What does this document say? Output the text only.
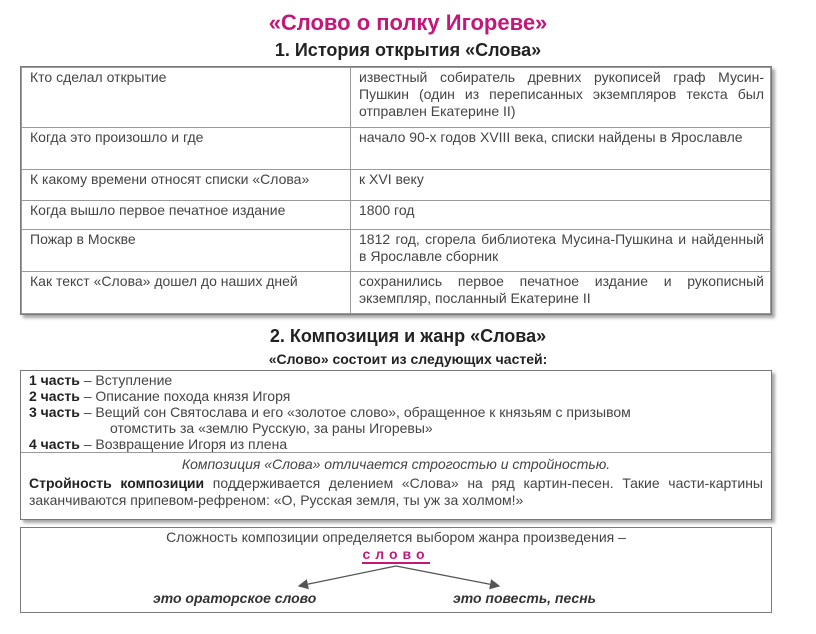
«Слово о полку Игореве»
1. История открытия «Слова»
Кто сделал открытие	известный собиратель древних рукописей граф Мусин-Пушкин (один из переписанных экземпляров текста был отправлен Екатерине II)
Когда это произошло и где	начало 90-х годов XVIII века, списки найдены в Ярославле
К какому времени относят списки «Слова»	к XVI веку
Когда вышло первое печатное издание	1800 год
Пожар в Москве	1812 год, сгорела библиотека Мусина-Пушкина и найденный в Ярославле сборник
Как текст «Слова» дошел до наших дней	сохранились первое печатное издание и рукописный экземпляр, посланный Екатерине II
2. Композиция и жанр «Слова»
«Слово» состоит из следующих частей:
1 часть – Вступление
2 часть – Описание похода князя Игоря
3 часть – Вещий сон Святослава и его «золотое слово», обращенное к князьям с призывом
отомстить за «землю Русскую, за раны Игоревы»
4 часть – Возвращение Игоря из плена
Композиция «Слова» отличается строгостью и стройностью.
Стройность композиции поддерживается делением «Слова» на ряд картин-песен. Такие части-картины заканчиваются припевом-рефреном: «О, Русская земля, ты уж за холмом!»
Сложность композиции определяется выбором жанра произведения –
слово
это ораторское слово	это повесть, песнь
